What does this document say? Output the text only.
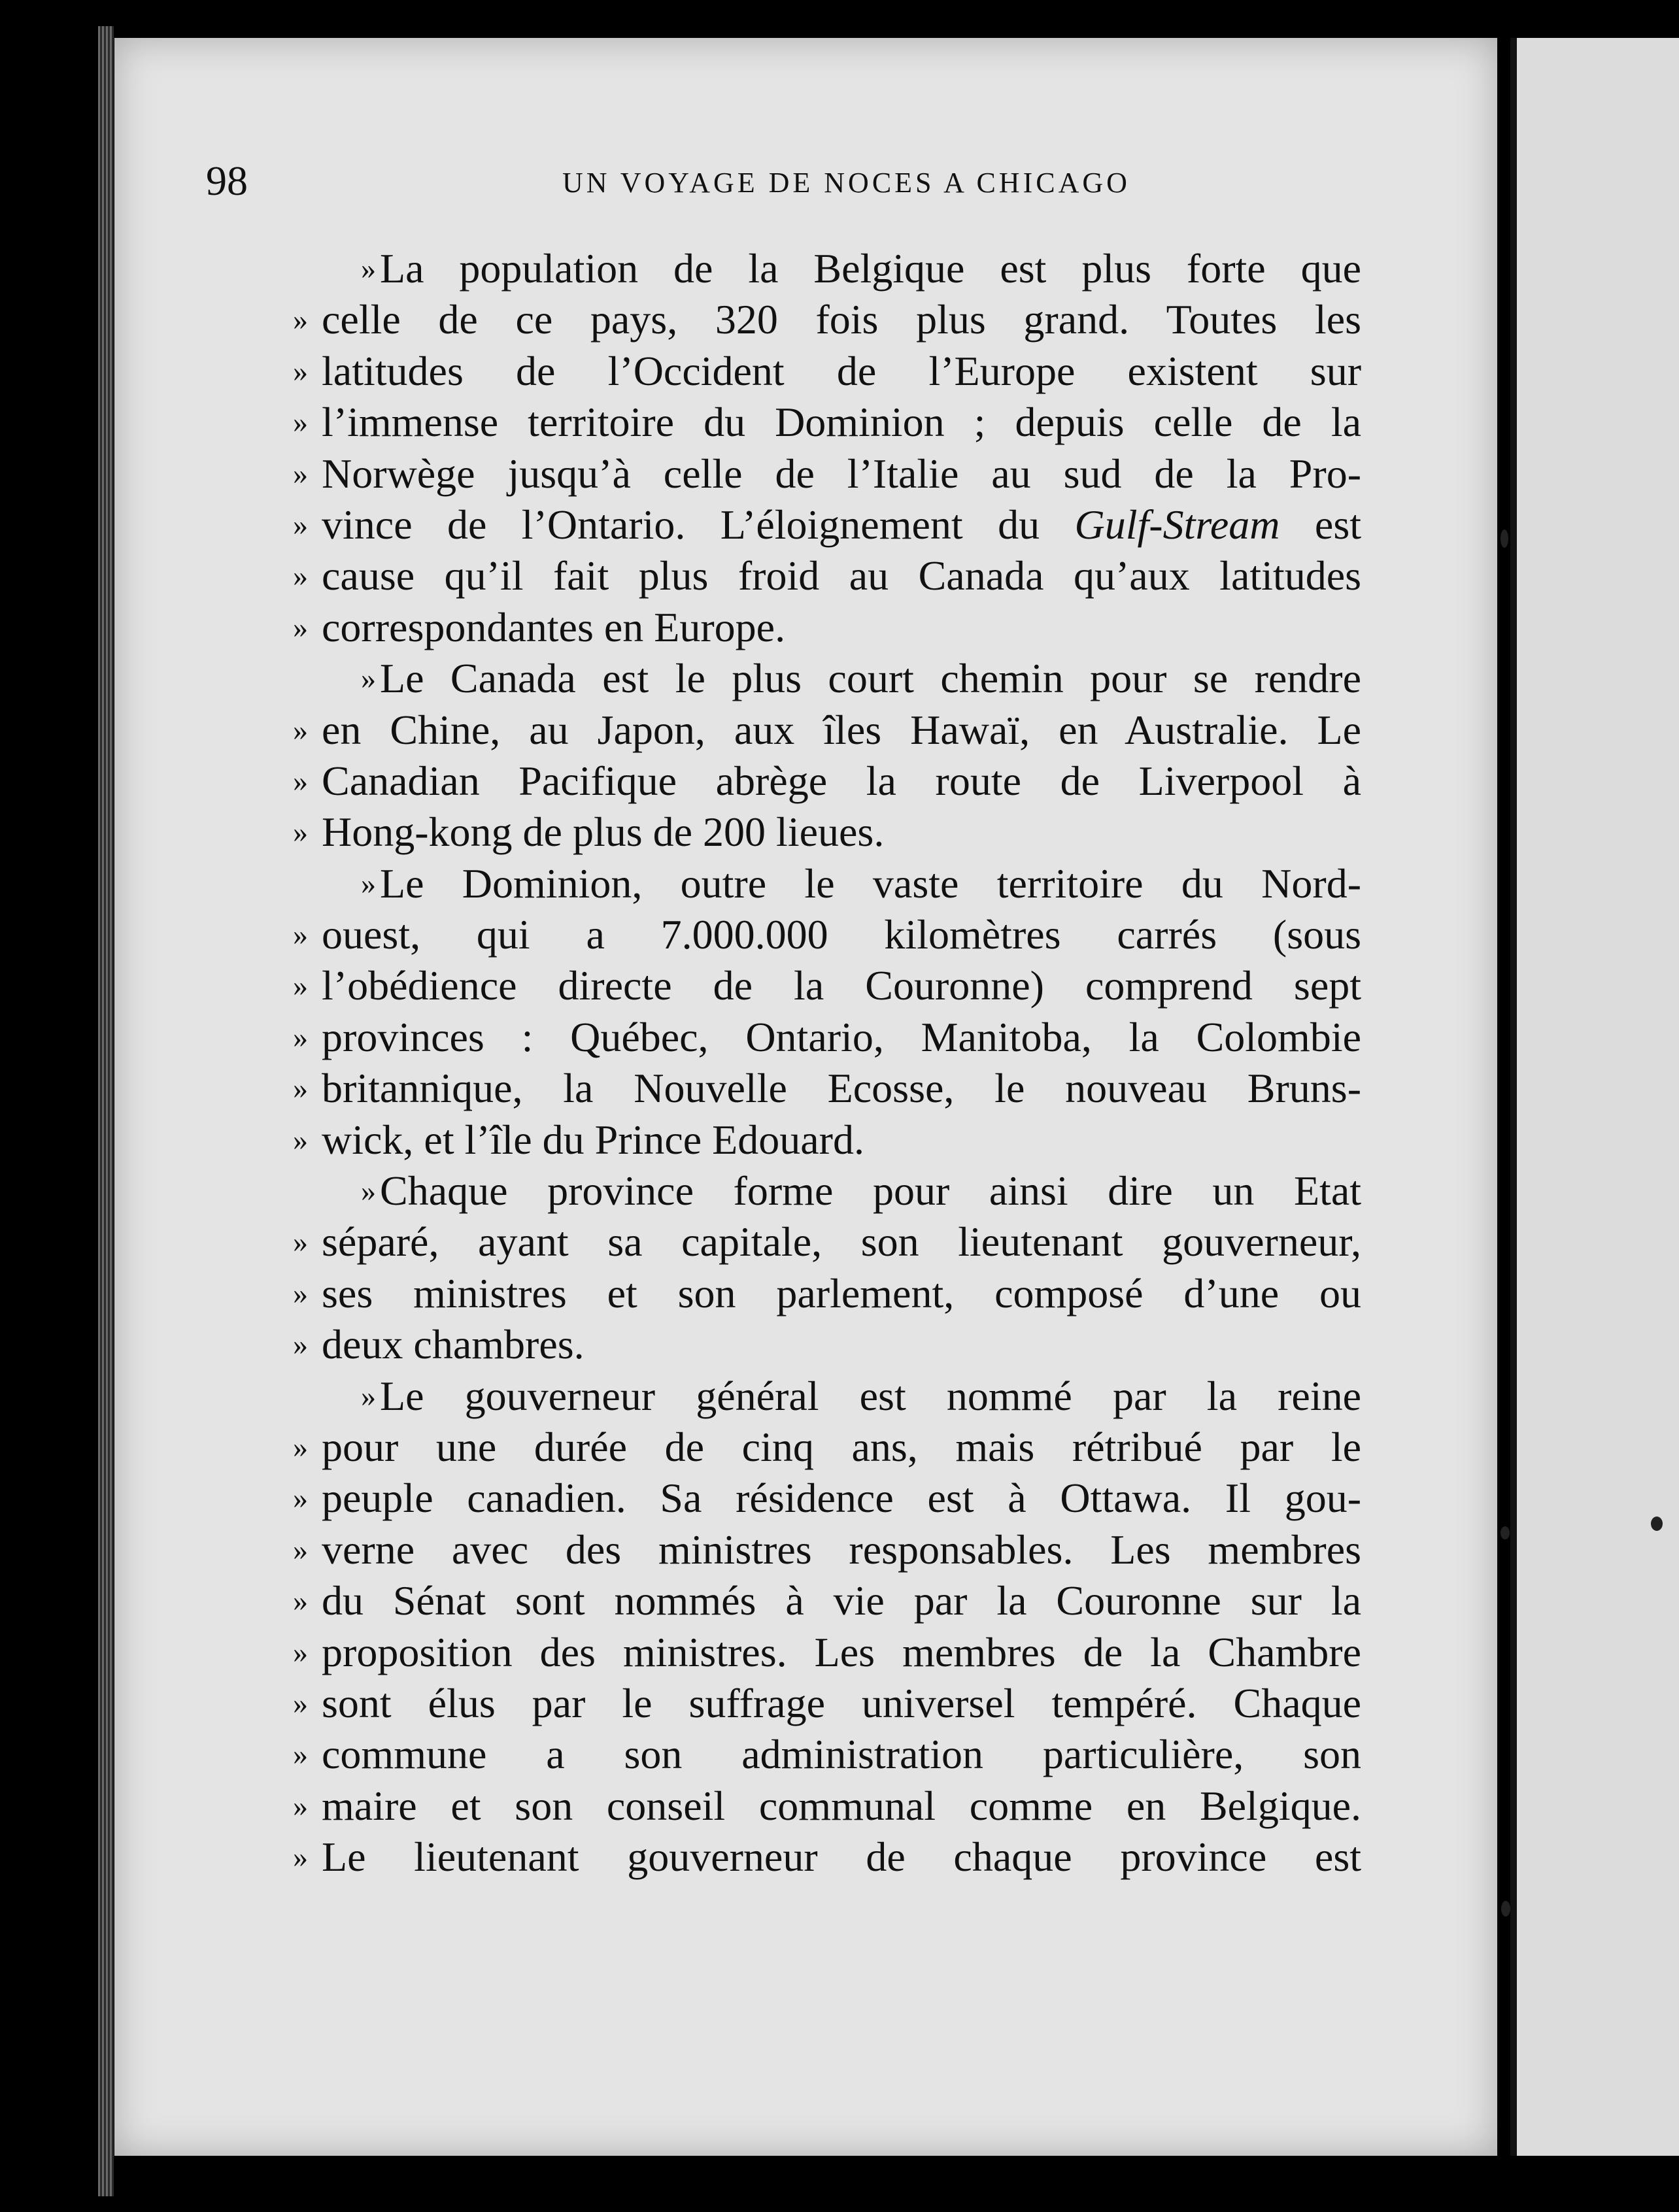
98	UN VOYAGE DE NOCES A CHICAGO
» La population de la Belgique est plus forte que
» celle de ce pays, 320 fois plus grand. Toutes les
» latitudes de l’Occident de l’Europe existent sur
» l’immense territoire du Dominion ; depuis celle de la
» Norwège jusqu’à celle de l’Italie au sud de la Pro-
» vince de l’Ontario. L’éloignement du Gulf-Stream est
» cause qu’il fait plus froid au Canada qu’aux latitudes
» correspondantes en Europe.
» Le Canada est le plus court chemin pour se rendre
» en Chine, au Japon, aux îles Hawaï, en Australie. Le
» Canadian Pacifique abrège la route de Liverpool à
» Hong-kong de plus de 200 lieues.
» Le Dominion, outre le vaste territoire du Nord-
» ouest, qui a 7.000.000 kilomètres carrés (sous
» l’obédience directe de la Couronne) comprend sept
» provinces : Québec, Ontario, Manitoba, la Colombie
» britannique, la Nouvelle Ecosse, le nouveau Bruns-
» wick, et l’île du Prince Edouard.
» Chaque province forme pour ainsi dire un Etat
» séparé, ayant sa capitale, son lieutenant gouverneur,
» ses ministres et son parlement, composé d’une ou
» deux chambres.
» Le gouverneur général est nommé par la reine
» pour une durée de cinq ans, mais rétribué par le
» peuple canadien. Sa résidence est à Ottawa. Il gou-
» verne avec des ministres responsables. Les membres
» du Sénat sont nommés à vie par la Couronne sur la
» proposition des ministres. Les membres de la Chambre
» sont élus par le suffrage universel tempéré. Chaque
» commune a son administration particulière, son
» maire et son conseil communal comme en Belgique.
» Le lieutenant gouverneur de chaque province est
